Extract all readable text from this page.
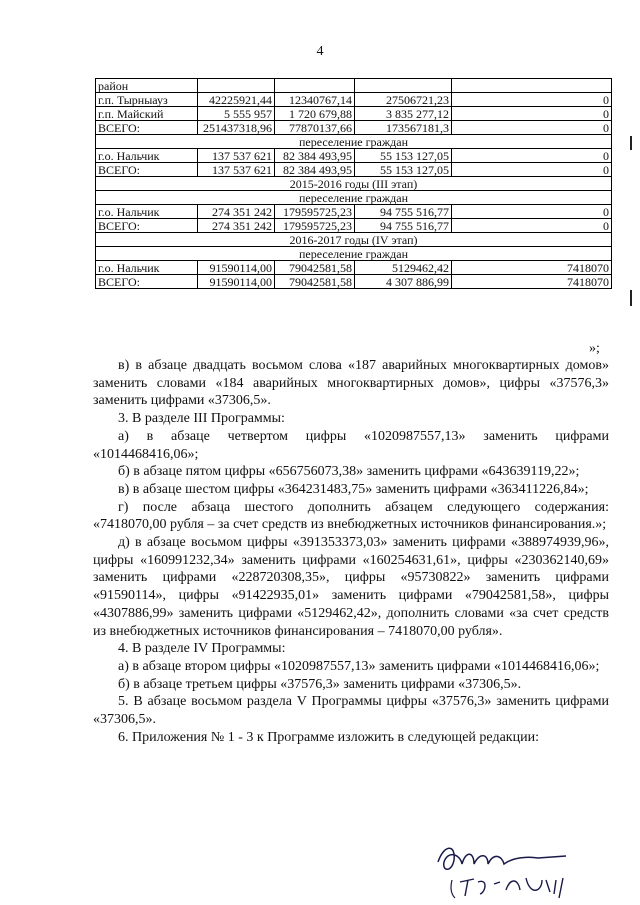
4
район				
г.п. Тырныауз	42225921,44	12340767,14	27506721,23	0
г.п. Майский	5 555 957	1 720 679,88	3 835 277,12	0
ВСЕГО:	251437318,96	77870137,66	173567181,3	0
переселение граждан				
г.о. Нальчик	137 537 621	82 384 493,95	55 153 127,05	0
ВСЕГО:	137 537 621	82 384 493,95	55 153 127,05	0
2015-2016 годы (III этап)				
переселение граждан				
г.о. Нальчик	274 351 242	179595725,23	94 755 516,77	0
ВСЕГО:	274 351 242	179595725,23	94 755 516,77	0
2016-2017 годы (IV этап)				
переселение граждан				
г.о. Нальчик	91590114,00	79042581,58	5129462,42	7418070
ВСЕГО:	91590114,00	79042581,58	4 307 886,99	7418070
»;

в) в абзаце двадцать восьмом слова «187 аварийных многоквартирных домов» заменить словами «184 аварийных многоквартирных домов», цифры «37576,3» заменить цифрами «37306,5».

3. В разделе III Программы:

а) в абзаце четвертом цифры «1020987557,13» заменить цифрами «1014468416,06»;

б) в абзаце пятом цифры «656756073,38» заменить цифрами «643639119,22»;

в) в абзаце шестом цифры «364231483,75» заменить цифрами «363411226,84»;

г) после абзаца шестого дополнить абзацем следующего содержания: «7418070,00 рубля – за счет средств из внебюджетных источников финансирования.»;

д) в абзаце восьмом цифры «391353373,03» заменить цифрами «388974939,96», цифры «160991232,34» заменить цифрами «160254631,61», цифры «230362140,69» заменить цифрами «228720308,35», цифры «95730822» заменить цифрами «91590114», цифры «91422935,01» заменить цифрами «79042581,58», цифры «4307886,99» заменить цифрами «5129462,42», дополнить словами «за счет средств из внебюджетных источников финансирования – 7418070,00 рубля».

4. В разделе IV Программы:

а) в абзаце втором цифры «1020987557,13» заменить цифрами «1014468416,06»;

б) в абзаце третьем цифры «37576,3» заменить цифрами «37306,5».

5. В абзаце восьмом раздела V Программы цифры «37576,3» заменить цифрами «37306,5».

6. Приложения № 1 - 3 к Программе изложить в следующей редакции:
